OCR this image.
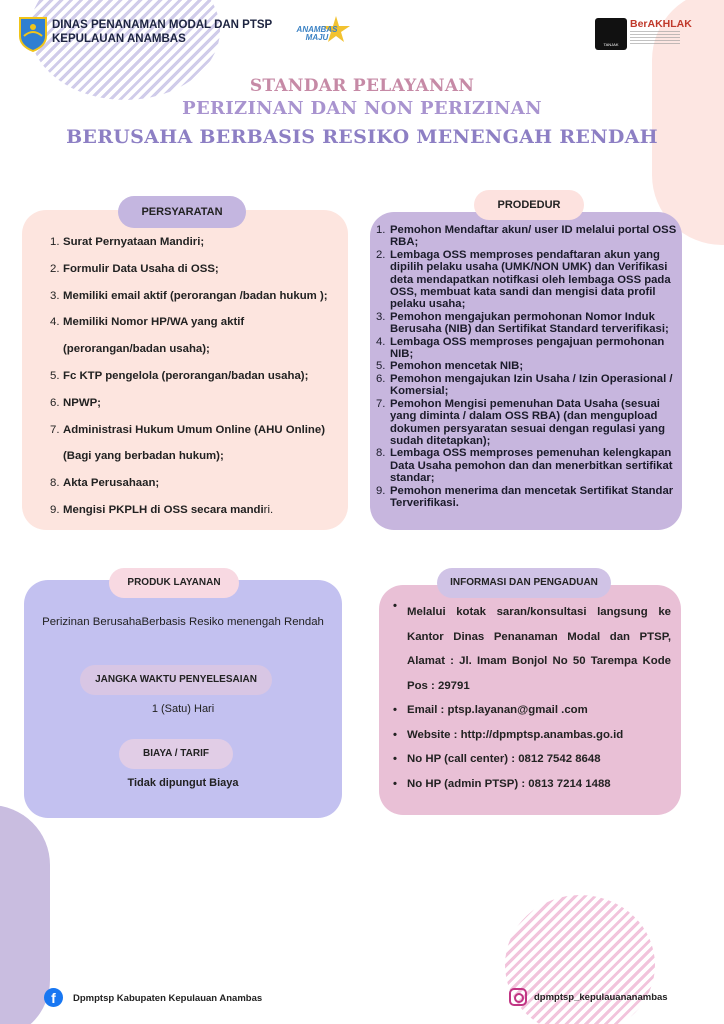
DINAS PENANAMAN MODAL DAN PTSP
KEPULAUAN ANAMBAS
ANAMBAS MAJU
TANJAK
BerAKHLAK
STANDAR PELAYANAN
PERIZINAN DAN NON PERIZINAN
BERUSAHA BERBASIS RESIKO MENENGAH RENDAH
PERSYARATAN
PRODEDUR
PRODUK LAYANAN	INFORMASI DAN PENGADUAN
1. Surat Pernyataan Mandiri;
2. Formulir Data Usaha di OSS;
3. Memiliki email aktif (perorangan /badan hukum );
4. Memiliki Nomor HP/WA yang aktif
(perorangan/badan usaha);
5. Fc KTP pengelola (perorangan/badan usaha);
6. NPWP;
7. Administrasi Hukum Umum Online (AHU Online)
(Bagi yang berbadan hukum);
8. Akta Perusahaan;
9. Mengisi PKPLH di OSS secara mandiri.
1. Pemohon Mendaftar akun/ user ID melalui portal OSS RBA;
2. Lembaga OSS memproses pendaftaran akun yang dipilih pelaku usaha (UMK/NON UMK) dan Verifikasi deta mendapatkan notifkasi oleh lembaga OSS pada OSS, membuat kata sandi dan mengisi data profil pelaku usaha;
3. Pemohon mengajukan permohonan Nomor Induk Berusaha (NIB) dan Sertifikat Standard terverifikasi;
4. Lembaga OSS memproses pengajuan permohonan NIB;
5. Pemohon mencetak NIB;
6. Pemohon mengajukan Izin Usaha / Izin Operasional / Komersial;
7. Pemohon Mengisi pemenuhan Data Usaha (sesuai yang diminta / dalam OSS RBA) (dan mengupload dokumen persyaratan sesuai dengan regulasi yang sudah ditetapkan);
8. Lembaga OSS memproses pemenuhan kelengkapan Data Usaha pemohon dan dan menerbitkan sertifikat standar;
9. Pemohon menerima dan mencetak Sertifikat Standar Terverifikasi.
Perizinan BerusahaBerbasis Resiko menengah Rendah
JANGKA WAKTU PENYELESAIAN
1 (Satu) Hari
BIAYA / TARIF
Tidak dipungut Biaya
• Melalui kotak saran/konsultasi langsung ke Kantor Dinas Penanaman Modal dan PTSP, Alamat : Jl. Imam Bonjol No 50 Tarempa Kode Pos : 29791
• Email : ptsp.layanan@gmail .com
• Website : http://dpmptsp.anambas.go.id
• No HP (call center) : 0812 7542 8648
• No HP (admin PTSP) : 0813 7214 1488
f	Dpmptsp Kabupaten Kepulauan Anambas	dpmptsp_kepulauananambas
